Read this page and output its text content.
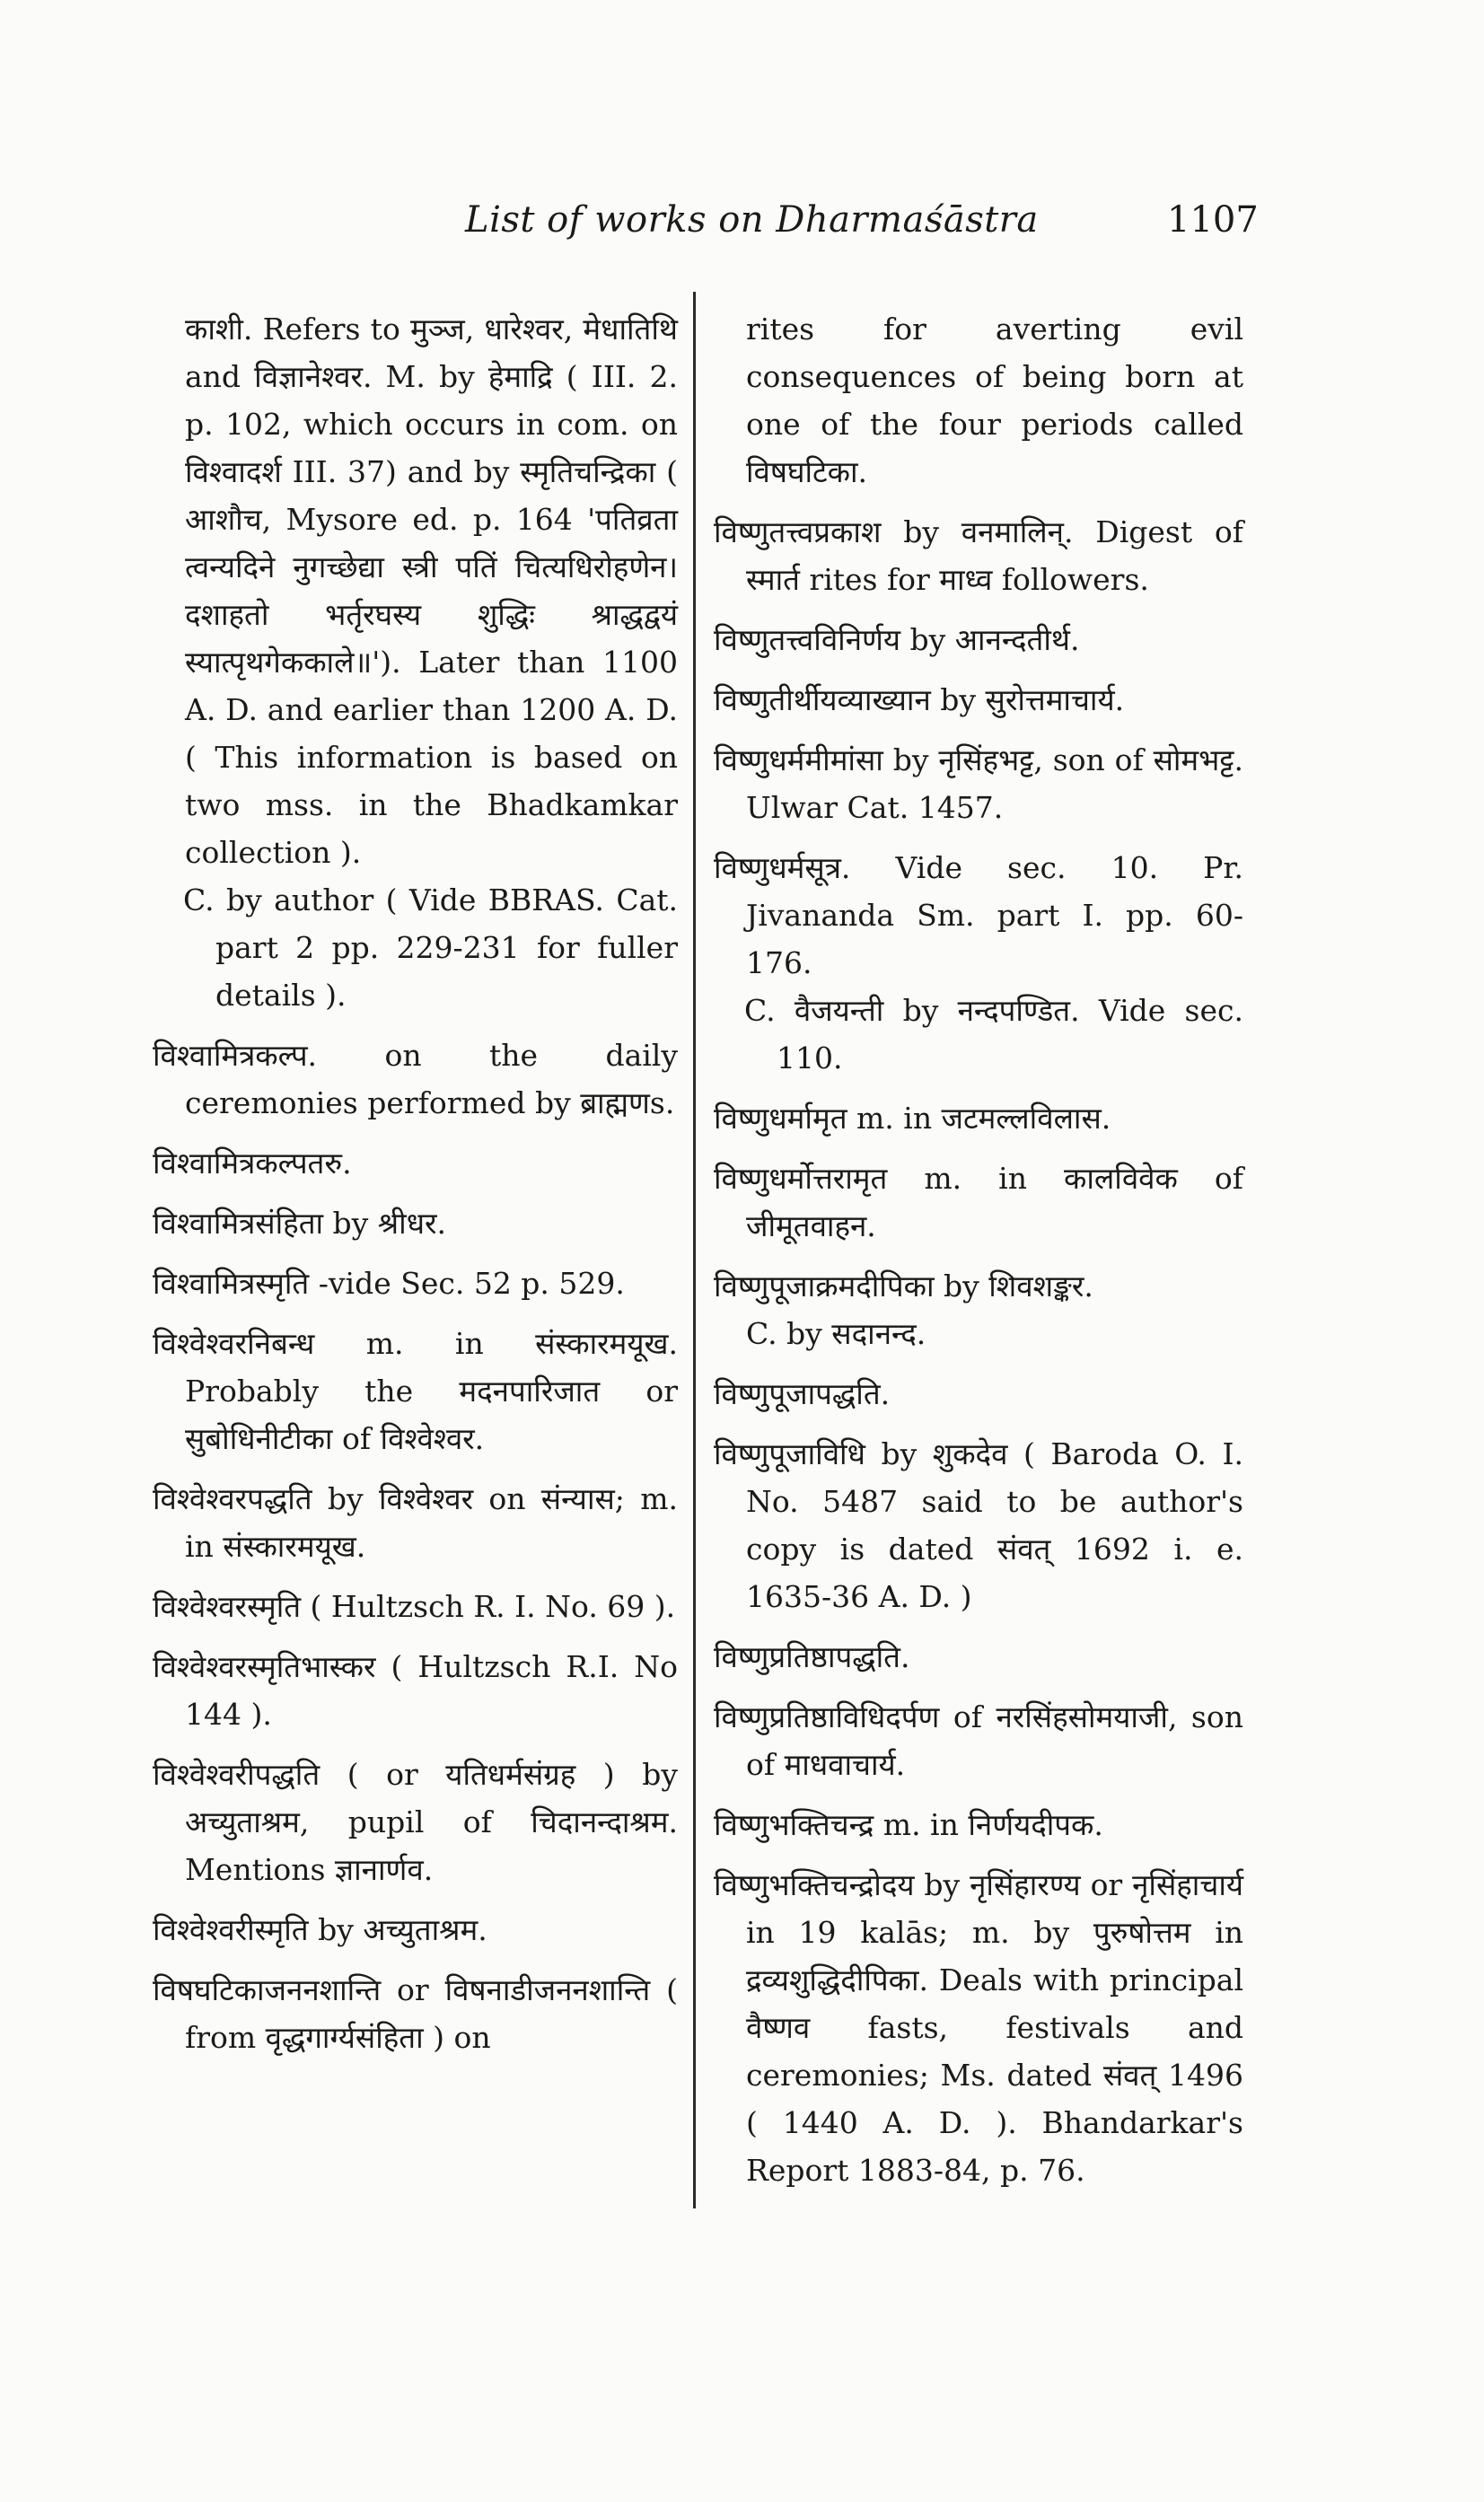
List of works on Dharmaśāstra	1107

काशी. Refers to मुञ्ज, धारेश्वर, मेधातिथि and विज्ञानेश्वर. M. by हेमाद्रि ( III. 2. p. 102, which occurs in com. on विश्वादर्श III. 37) and by स्मृतिचन्द्रिका ( आशौच, Mysore ed. p. 164 'पतिव्रता त्वन्यदिने नुगच्छेद्या स्त्री पतिं चित्यधिरोहणेन। दशाहतो भर्तृरघस्य शुद्धिः श्राद्धद्वयं स्यात्पृथगेककाले॥'). Later than 1100 A. D. and earlier than 1200 A. D.( This information is based on two mss. in the Bhadkamkar collection ).

C. by author ( Vide BBRAS. Cat. part 2 pp. 229-231 for fuller details ).

विश्वामित्रकल्प. on the daily ceremonies performed by ब्राह्मणs.

विश्वामित्रकल्पतरु.

विश्वामित्रसंहिता by श्रीधर.

विश्वामित्रस्मृति -vide Sec. 52 p. 529.

विश्वेश्वरनिबन्ध m. in संस्कारमयूख. Probably the मदनपारिजात or सुबोधिनीटीका of विश्वेश्वर.

विश्वेश्वरपद्धति by विश्वेश्वर on संन्यास; m. in संस्कारमयूख.

विश्वेश्वरस्मृति ( Hultzsch R. I. No. 69 ).

विश्वेश्वरस्मृतिभास्कर ( Hultzsch R.I. No 144 ).

विश्वेश्वरीपद्धति ( or यतिधर्मसंग्रह ) by अच्युताश्रम, pupil of चिदानन्दाश्रम. Mentions ज्ञानार्णव.

विश्वेश्वरीस्मृति by अच्युताश्रम.

विषघटिकाजननशान्ति or विषनाडीजननशान्ति ( from वृद्धगार्ग्यसंहिता ) on

rites for averting evil consequences of being born at one of the four periods called विषघटिका.

विष्णुतत्त्वप्रकाश by वनमालिन्. Digest of स्मार्त rites for माध्व followers.

विष्णुतत्त्वविनिर्णय by आनन्दतीर्थ.

विष्णुतीर्थीयव्याख्यान by सुरोत्तमाचार्य.

विष्णुधर्ममीमांसा by नृसिंहभट्ट, son of सोमभट्ट. Ulwar Cat. 1457.

विष्णुधर्मसूत्र. Vide sec. 10. Pr. Jivananda Sm. part I. pp. 60-176.

C. वैजयन्ती by नन्दपण्डित. Vide sec. 110.

विष्णुधर्मामृत m. in जटमल्लविलास.

विष्णुधर्मोत्तरामृत m. in कालविवेक of जीमूतवाहन.

विष्णुपूजाक्रमदीपिका by शिवशङ्कर.

C. by सदानन्द.

विष्णुपूजापद्धति.

विष्णुपूजाविधि by शुकदेव ( Baroda O. I. No. 5487 said to be author's copy is dated संवत् 1692 i. e. 1635-36 A. D. )

विष्णुप्रतिष्ठापद्धति.

विष्णुप्रतिष्ठाविधिदर्पण of नरसिंहसोमयाजी, son of माधवाचार्य.

विष्णुभक्तिचन्द्र m. in निर्णयदीपक.

विष्णुभक्तिचन्द्रोदय by नृसिंहारण्य or नृसिंहाचार्य in 19 kalās; m. by पुरुषोत्तम in द्रव्यशुद्धिदीपिका. Deals with principal वैष्णव fasts, festivals and ceremonies; Ms. dated संवत् 1496 ( 1440 A. D. ). Bhandarkar's Report 1883-84, p. 76.
